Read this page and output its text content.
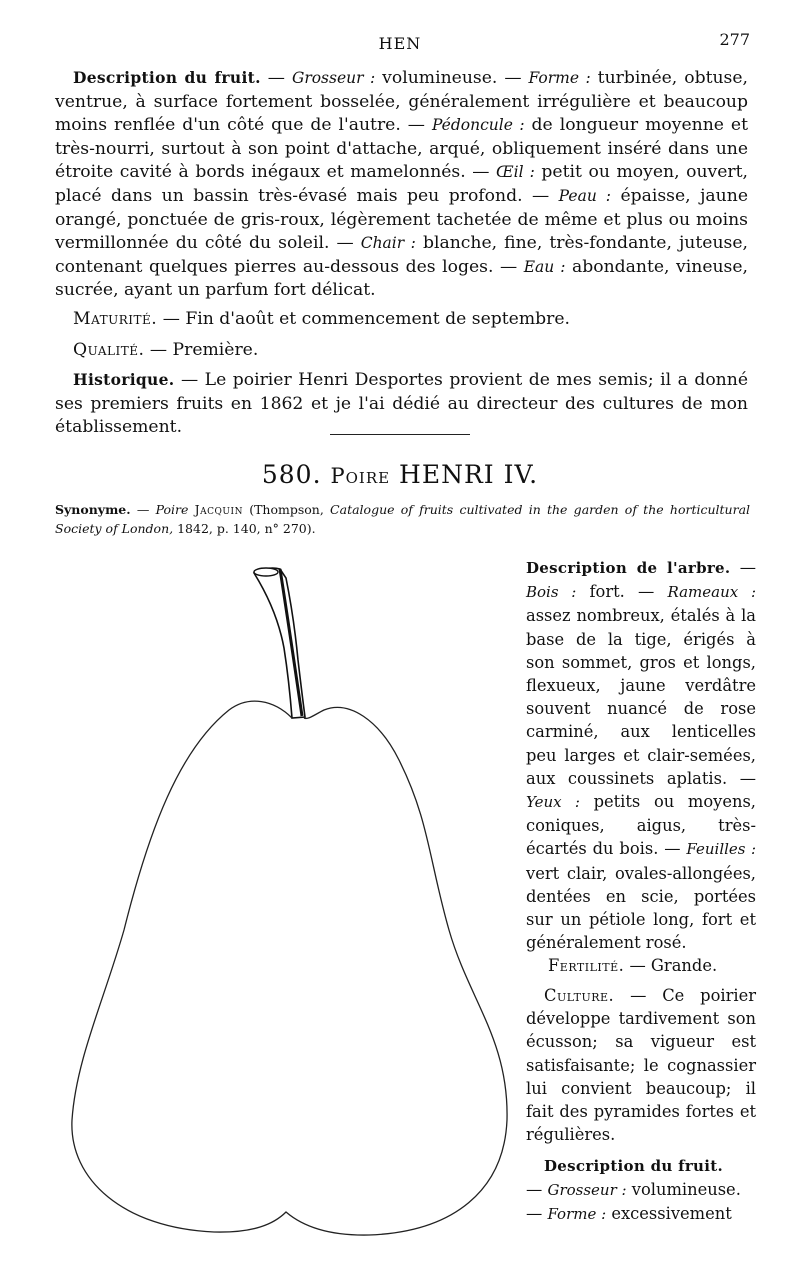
HEN	277
Description du fruit. — Grosseur : volumineuse. — Forme : turbinée, obtuse, ventrue, à surface fortement bosselée, généralement irrégulière et beaucoup moins renflée d'un côté que de l'autre. — Pédoncule : de longueur moyenne et très-nourri, surtout à son point d'attache, arqué, obliquement inséré dans une étroite cavité à bords inégaux et mamelonnés. — Œil : petit ou moyen, ouvert, placé dans un bassin très-évasé mais peu profond. — Peau : épaisse, jaune orangé, ponctuée de gris-roux, légèrement tachetée de même et plus ou moins vermillonnée du côté du soleil. — Chair : blanche, fine, très-fondante, juteuse, contenant quelques pierres au-dessous des loges. — Eau : abondante, vineuse, sucrée, ayant un parfum fort délicat.
Maturité. — Fin d'août et commencement de septembre.
Qualité. — Première.
Historique. — Le poirier Henri Desportes provient de mes semis; il a donné ses premiers fruits en 1862 et je l'ai dédié au directeur des cultures de mon établissement.
580. Poire HENRI IV.
Synonyme. — Poire Jacquin (Thompson, Catalogue of fruits cultivated in the garden of the horticultural Society of London, 1842, p. 140, n° 270).
Description de l'arbre. — Bois : fort. — Rameaux : assez nombreux, étalés à la base de la tige, érigés à son sommet, gros et longs, flexueux, jaune verdâtre souvent nuancé de rose carminé, aux lenticelles peu larges et clair-semées, aux coussinets aplatis. — Yeux : petits ou moyens, coniques, aigus, très-écartés du bois. — Feuilles : vert clair, ovales-allongées, dentées en scie, portées sur un pétiole long, fort et généralement rosé.
Fertilité. — Grande.
Culture. — Ce poirier développe tardivement son écusson; sa vigueur est satisfaisante; le cognassier lui convient beaucoup; il fait des pyramides fortes et régulières.
Description du fruit.
— Grosseur : volumineuse.
— Forme : excessivement
